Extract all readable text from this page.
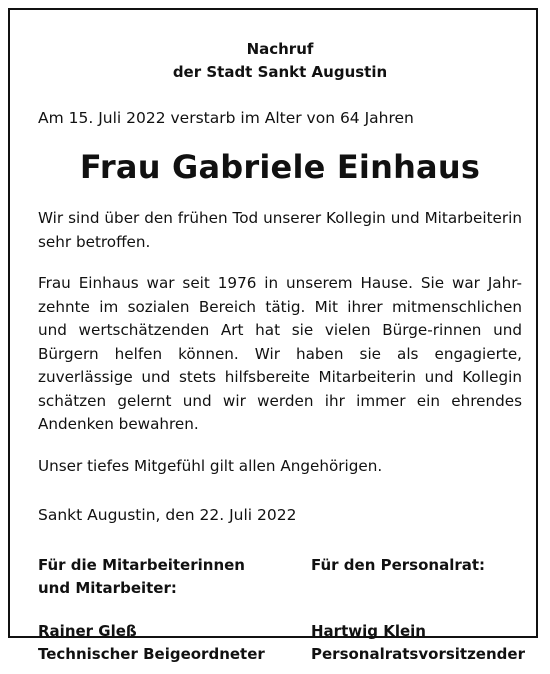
Nachruf
der Stadt Sankt Augustin
Am 15. Juli 2022 verstarb im Alter von 64 Jahren
Frau Gabriele Einhaus
Wir sind über den frühen Tod unserer Kollegin und Mitarbeiterin sehr betroffen.
Frau Einhaus war seit 1976 in unserem Hause. Sie war Jahr-zehnte im sozialen Bereich tätig. Mit ihrer mitmenschlichen und wertschätzenden Art hat sie vielen Bürge-rinnen und Bürgern helfen können. Wir haben sie als engagierte, zuverlässige und stets hilfsbereite Mitarbeiterin und Kollegin schätzen gelernt und wir werden ihr immer ein ehrendes Andenken bewahren.
Unser tiefes Mitgefühl gilt allen Angehörigen.
Sankt Augustin, den 22. Juli 2022
Für die Mitarbeiterinnen
und Mitarbeiter:
Rainer Gleß
Technischer Beigeordneter
Für den Personalrat:
Hartwig Klein
Personalratsvorsitzender
